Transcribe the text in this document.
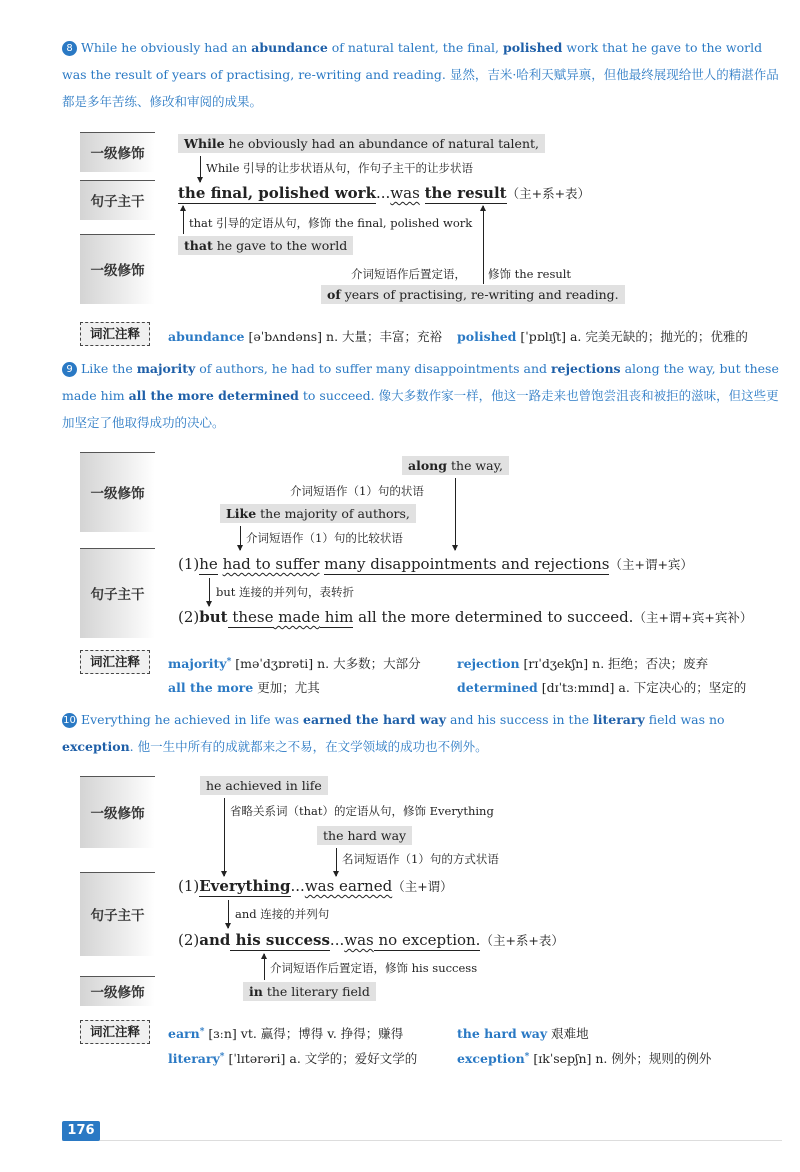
8 While he obviously had an abundance of natural talent, the final, polished work that he gave to the world was the result of years of practising, re-writing and reading. 显然，吉米·哈利天赋异禀，但他最终展现给世人的精湛作品都是多年苦练、修改和审阅的成果。
一级修饰
句子主干
一级修饰
While he obviously had an abundance of natural talent,
While 引导的让步状语从句，作句子主干的让步状语
the final, polished work...was the result（主+系+表）
that 引导的定语从句，修饰 the final, polished work
that he gave to the world
介词短语作后置定语， 修饰 the result
of years of practising, re-writing and reading.
词汇注释	abundance [əˈbʌndəns] n. 大量；丰富；充裕 polished [ˈpɒlɪʃt] a. 完美无缺的；抛光的；优雅的
9 Like the majority of authors, he had to suffer many disappointments and rejections along the way, but these made him all the more determined to succeed. 像大多数作家一样，他这一路走来也曾饱尝沮丧和被拒的滋味，但这些更加坚定了他取得成功的决心。
一级修饰
句子主干
along the way,
介词短语作（1）句的状语
Like the majority of authors,
介词短语作（1）句的比较状语
(1)he had to suffer many disappointments and rejections（主+谓+宾）
but 连接的并列句，表转折
(2)but these made him all the more determined to succeed.（主+谓+宾+宾补）
词汇注释	majority* [məˈdʒɒrəti] n. 大多数；大部分	rejection [rɪˈdʒekʃn] n. 拒绝；否决；废弃
all the more 更加；尤其	determined [dɪˈtɜːmɪnd] a. 下定决心的；坚定的
10 Everything he achieved in life was earned the hard way and his success in the literary field was no exception. 他一生中所有的成就都来之不易，在文学领域的成功也不例外。
一级修饰
句子主干
一级修饰
he achieved in life
省略关系词（that）的定语从句，修饰 Everything
the hard way
名词短语作（1）句的方式状语
(1)Everything...was earned（主+谓）
and 连接的并列句
(2)and his success...was no exception.（主+系+表）
介词短语作后置定语，修饰 his success
in the literary field
词汇注释	earn* [ɜːn] vt. 赢得；博得 v. 挣得；赚得	the hard way 艰难地
literary* [ˈlɪtərəri] a. 文学的；爱好文学的	exception* [ɪkˈsepʃn] n. 例外；规则的例外
176
